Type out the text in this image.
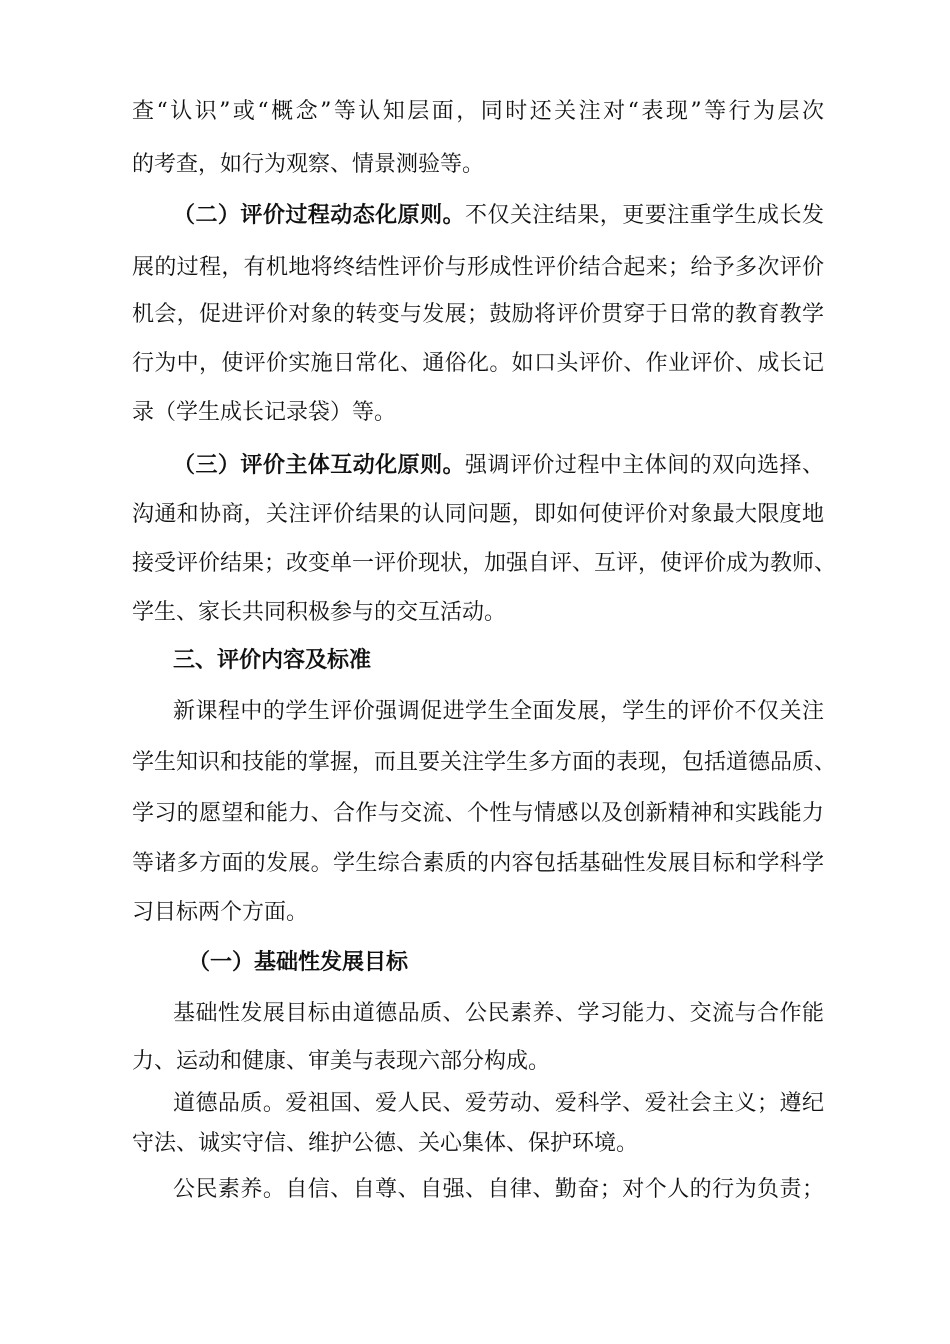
查“认识”或“概念”等认知层面，同时还关注对“表现”等行为层次
的考查，如行为观察、情景测验等。
（二）评价过程动态化原则。不仅关注结果，更要注重学生成长发
展的过程，有机地将终结性评价与形成性评价结合起来；给予多次评价
机会，促进评价对象的转变与发展；鼓励将评价贯穿于日常的教育教学
行为中，使评价实施日常化、通俗化。如口头评价、作业评价、成长记
录（学生成长记录袋）等。
（三）评价主体互动化原则。强调评价过程中主体间的双向选择、
沟通和协商，关注评价结果的认同问题，即如何使评价对象最大限度地
接受评价结果；改变单一评价现状，加强自评、互评，使评价成为教师、
学生、家长共同积极参与的交互活动。
三、评价内容及标准
新课程中的学生评价强调促进学生全面发展，学生的评价不仅关注
学生知识和技能的掌握，而且要关注学生多方面的表现，包括道德品质、
学习的愿望和能力、合作与交流、个性与情感以及创新精神和实践能力
等诸多方面的发展。学生综合素质的内容包括基础性发展目标和学科学
习目标两个方面。
（一）基础性发展目标
基础性发展目标由道德品质、公民素养、学习能力、交流与合作能
力、运动和健康、审美与表现六部分构成。
道德品质。爱祖国、爱人民、爱劳动、爱科学、爱社会主义；遵纪
守法、诚实守信、维护公德、关心集体、保护环境。
公民素养。自信、自尊、自强、自律、勤奋；对个人的行为负责；
